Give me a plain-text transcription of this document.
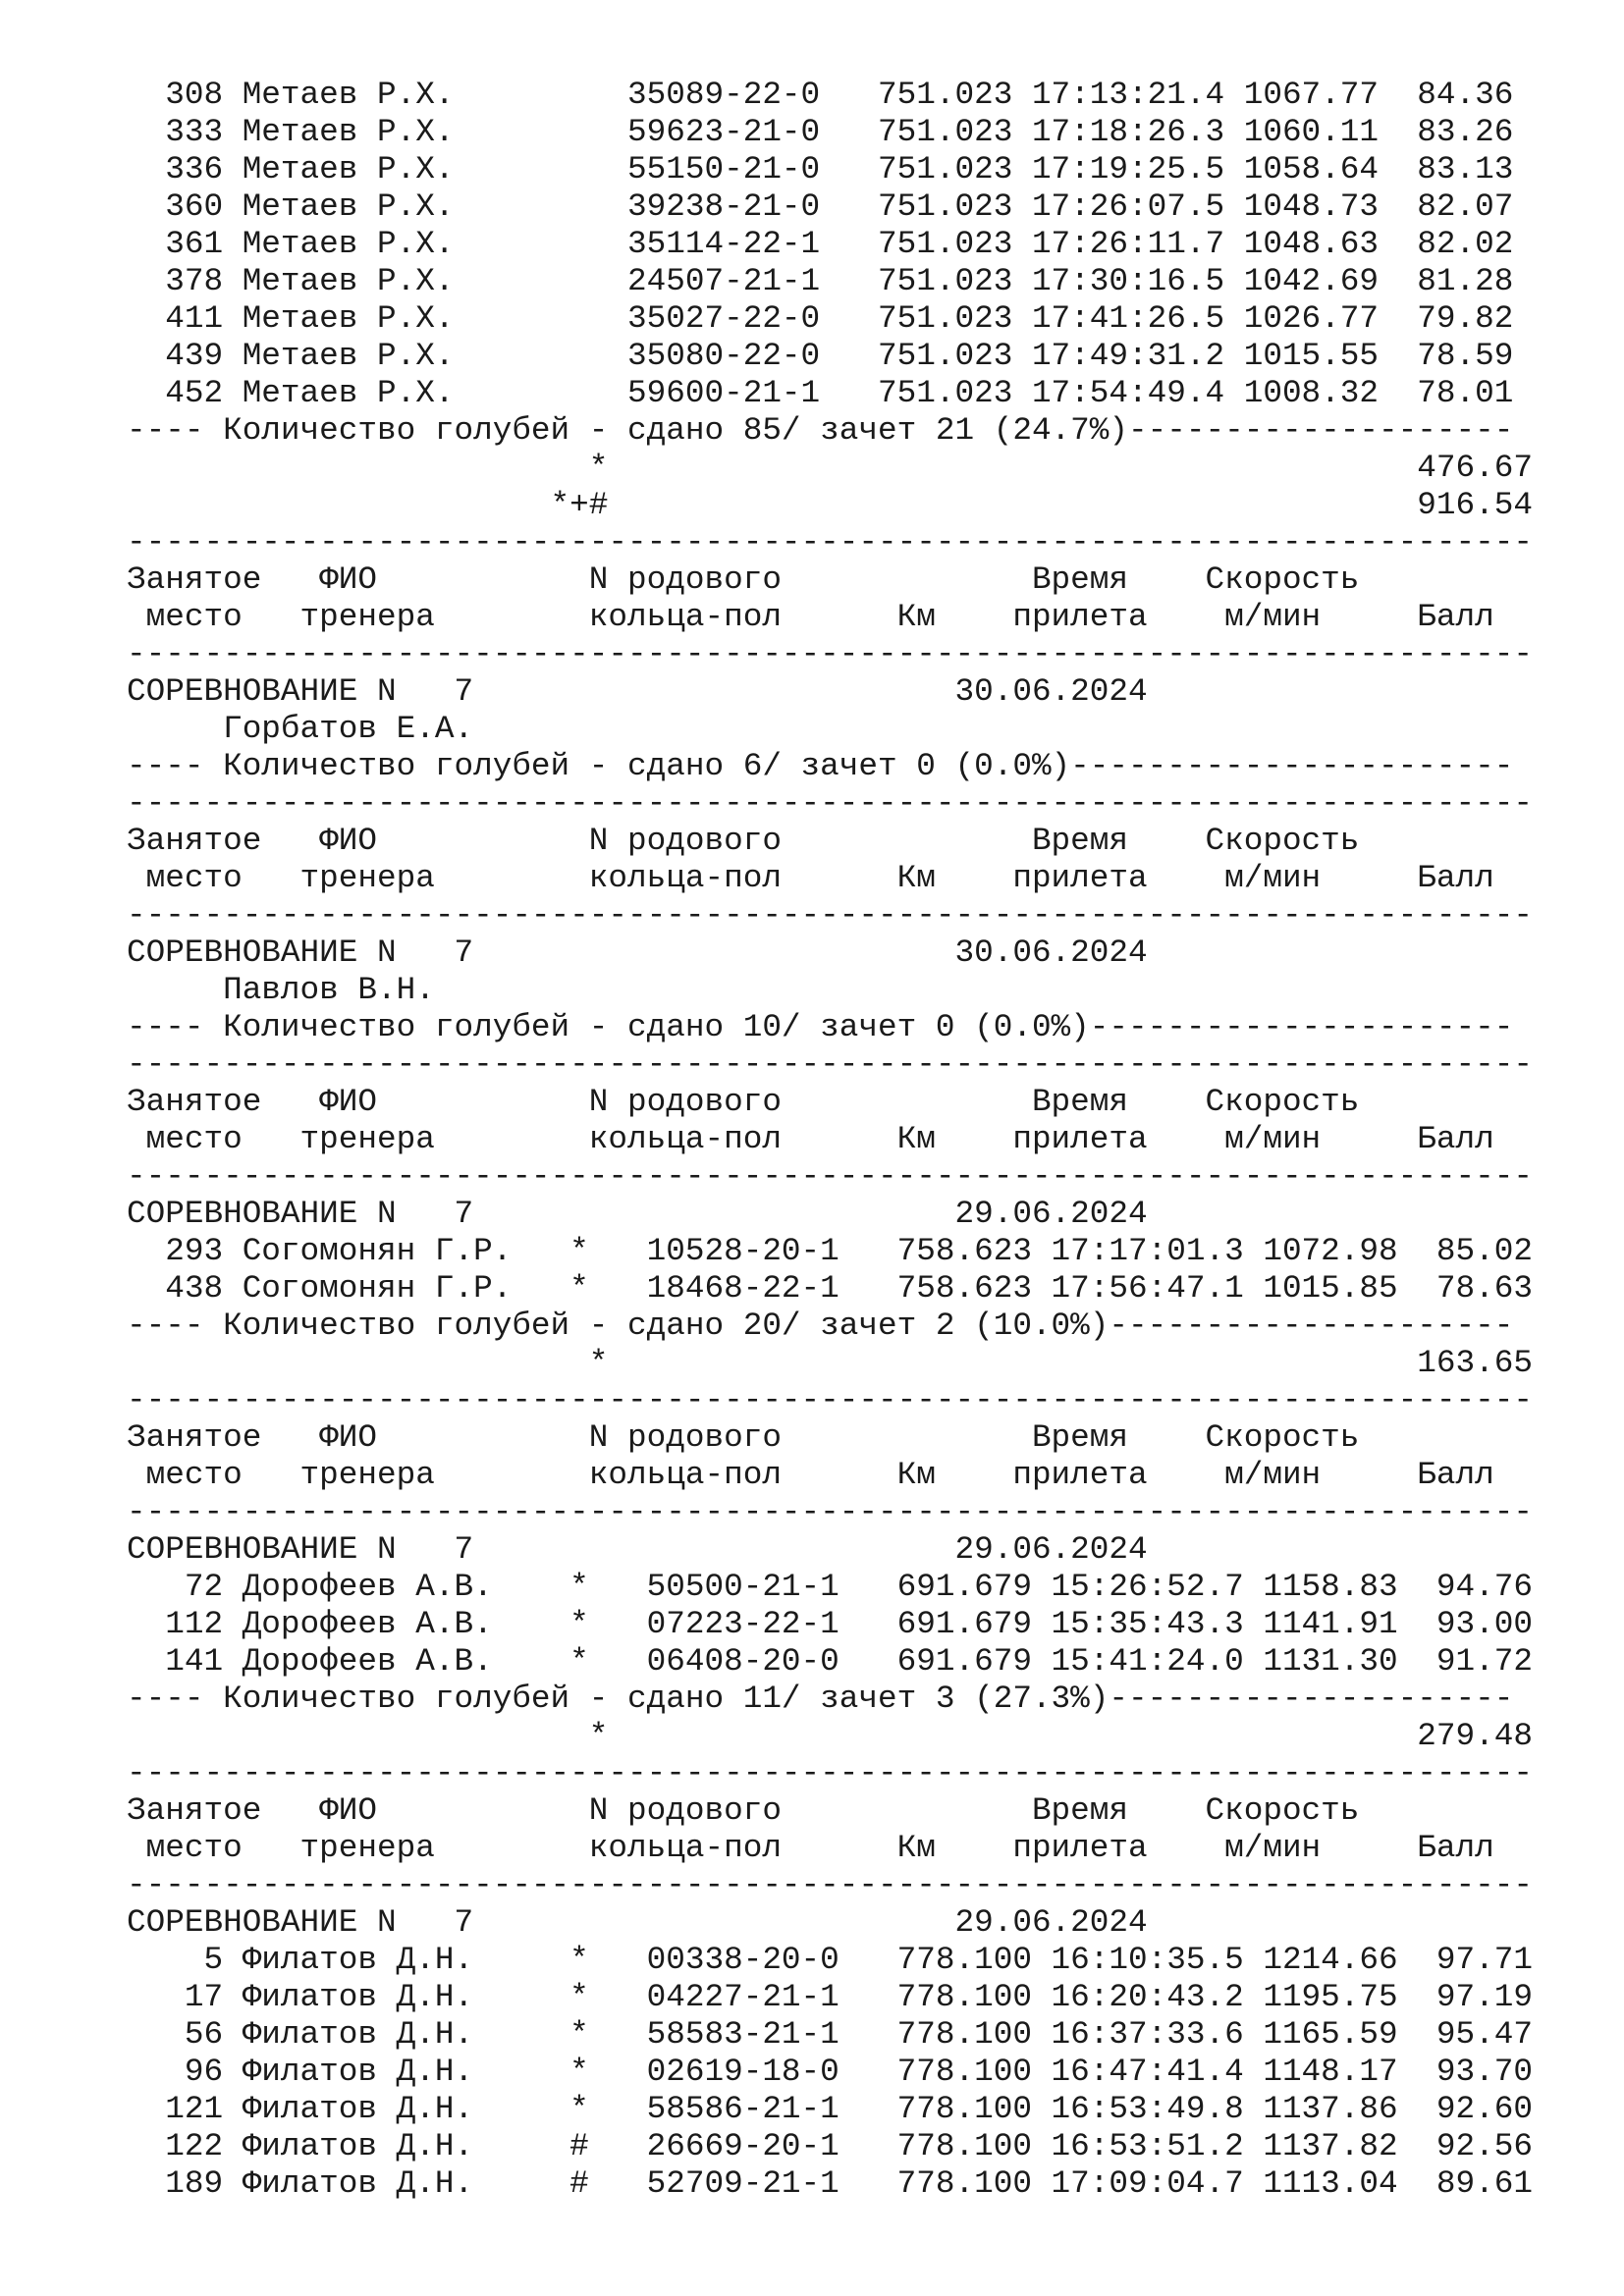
308 Метаев Р.Х.         35089-22-0   751.023 17:13:21.4 1067.77  84.36
333 Метаев Р.Х.         59623-21-0   751.023 17:18:26.3 1060.11  83.26
336 Метаев Р.Х.         55150-21-0   751.023 17:19:25.5 1058.64  83.13
360 Метаев Р.Х.         39238-21-0   751.023 17:26:07.5 1048.73  82.07
361 Метаев Р.Х.         35114-22-1   751.023 17:26:11.7 1048.63  82.02
378 Метаев Р.Х.         24507-21-1   751.023 17:30:16.5 1042.69  81.28
411 Метаев Р.Х.         35027-22-0   751.023 17:41:26.5 1026.77  79.82
439 Метаев Р.Х.         35080-22-0   751.023 17:49:31.2 1015.55  78.59
452 Метаев Р.Х.         59600-21-1   751.023 17:54:49.4 1008.32  78.01
---- Количество голубей - сдано 85/ зачет 21 (24.7%)--------------------
*                                          476.67
*+#                                          916.54
-------------------------------------------------------------------------
Занятое   ФИО           N родового             Время    Скорость
место   тренера        кольца-пол      Км    прилета    м/мин     Балл
-------------------------------------------------------------------------
СОРЕВНОВАНИЕ N   7                         30.06.2024
Горбатов Е.А.
---- Количество голубей - сдано 6/ зачет 0 (0.0%)-----------------------
-------------------------------------------------------------------------
Занятое   ФИО           N родового             Время    Скорость
место   тренера        кольца-пол      Км    прилета    м/мин     Балл
-------------------------------------------------------------------------
СОРЕВНОВАНИЕ N   7                         30.06.2024
Павлов В.Н.
---- Количество голубей - сдано 10/ зачет 0 (0.0%)----------------------
-------------------------------------------------------------------------
Занятое   ФИО           N родового             Время    Скорость
место   тренера        кольца-пол      Км    прилета    м/мин     Балл
-------------------------------------------------------------------------
СОРЕВНОВАНИЕ N   7                         29.06.2024
293 Согомонян Г.Р.   *   10528-20-1   758.623 17:17:01.3 1072.98  85.02
438 Согомонян Г.Р.   *   18468-22-1   758.623 17:56:47.1 1015.85  78.63
---- Количество голубей - сдано 20/ зачет 2 (10.0%)---------------------
*                                          163.65
-------------------------------------------------------------------------
Занятое   ФИО           N родового             Время    Скорость
место   тренера        кольца-пол      Км    прилета    м/мин     Балл
-------------------------------------------------------------------------
СОРЕВНОВАНИЕ N   7                         29.06.2024
72 Дорофеев А.В.    *   50500-21-1   691.679 15:26:52.7 1158.83  94.76
112 Дорофеев А.В.    *   07223-22-1   691.679 15:35:43.3 1141.91  93.00
141 Дорофеев А.В.    *   06408-20-0   691.679 15:41:24.0 1131.30  91.72
---- Количество голубей - сдано 11/ зачет 3 (27.3%)---------------------
*                                          279.48
-------------------------------------------------------------------------
Занятое   ФИО           N родового             Время    Скорость
место   тренера        кольца-пол      Км    прилета    м/мин     Балл
-------------------------------------------------------------------------
СОРЕВНОВАНИЕ N   7                         29.06.2024
5 Филатов Д.Н.     *   00338-20-0   778.100 16:10:35.5 1214.66  97.71
17 Филатов Д.Н.     *   04227-21-1   778.100 16:20:43.2 1195.75  97.19
56 Филатов Д.Н.     *   58583-21-1   778.100 16:37:33.6 1165.59  95.47
96 Филатов Д.Н.     *   02619-18-0   778.100 16:47:41.4 1148.17  93.70
121 Филатов Д.Н.     *   58586-21-1   778.100 16:53:49.8 1137.86  92.60
122 Филатов Д.Н.     #   26669-20-1   778.100 16:53:51.2 1137.82  92.56
189 Филатов Д.Н.     #   52709-21-1   778.100 17:09:04.7 1113.04  89.61
